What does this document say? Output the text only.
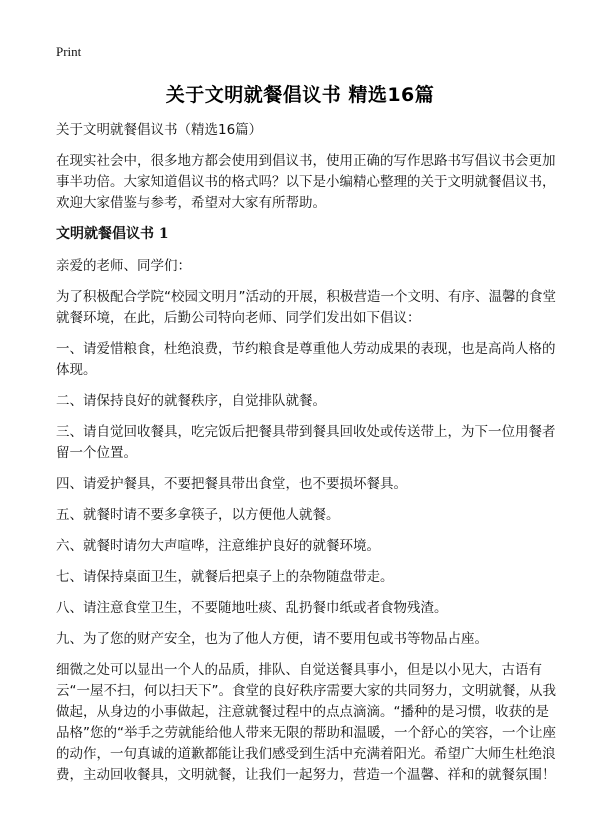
Print
关于文明就餐倡议书 精选16篇

关于文明就餐倡议书（精选16篇）

在现实社会中，很多地方都会使用到倡议书，使用正确的写作思路书写倡议书会更加事半功倍。大家知道倡议书的格式吗？以下是小编精心整理的关于文明就餐倡议书，欢迎大家借鉴与参考，希望对大家有所帮助。

文明就餐倡议书 1

亲爱的老师、同学们：

为了积极配合学院“校园文明月”活动的开展，积极营造一个文明、有序、温馨的食堂就餐环境，在此，后勤公司特向老师、同学们发出如下倡议：

一、请爱惜粮食，杜绝浪费，节约粮食是尊重他人劳动成果的表现，也是高尚人格的体现。

二、请保持良好的就餐秩序，自觉排队就餐。

三、请自觉回收餐具，吃完饭后把餐具带到餐具回收处或传送带上，为下一位用餐者留一个位置。

四、请爱护餐具，不要把餐具带出食堂，也不要损坏餐具。

五、就餐时请不要多拿筷子，以方便他人就餐。

六、就餐时请勿大声喧哗，注意维护良好的就餐环境。

七、请保持桌面卫生，就餐后把桌子上的杂物随盘带走。

八、请注意食堂卫生，不要随地吐痰、乱扔餐巾纸或者食物残渣。

九、为了您的财产安全，也为了他人方便，请不要用包或书等物品占座。

细微之处可以显出一个人的品质，排队、自觉送餐具事小，但是以小见大，古语有云“一屋不扫，何以扫天下”。食堂的良好秩序需要大家的共同努力，文明就餐，从我做起，从身边的小事做起，注意就餐过程中的点点滴滴。“播种的是习惯，收获的是品格”您的“举手之劳就能给他人带来无限的帮助和温暖，一个舒心的笑容，一个让座的动作，一句真诚的道歉都能让我们感受到生活中充满着阳光。希望广大师生杜绝浪费，主动回收餐具，文明就餐，让我们一起努力，营造一个温馨、祥和的就餐氛围！
